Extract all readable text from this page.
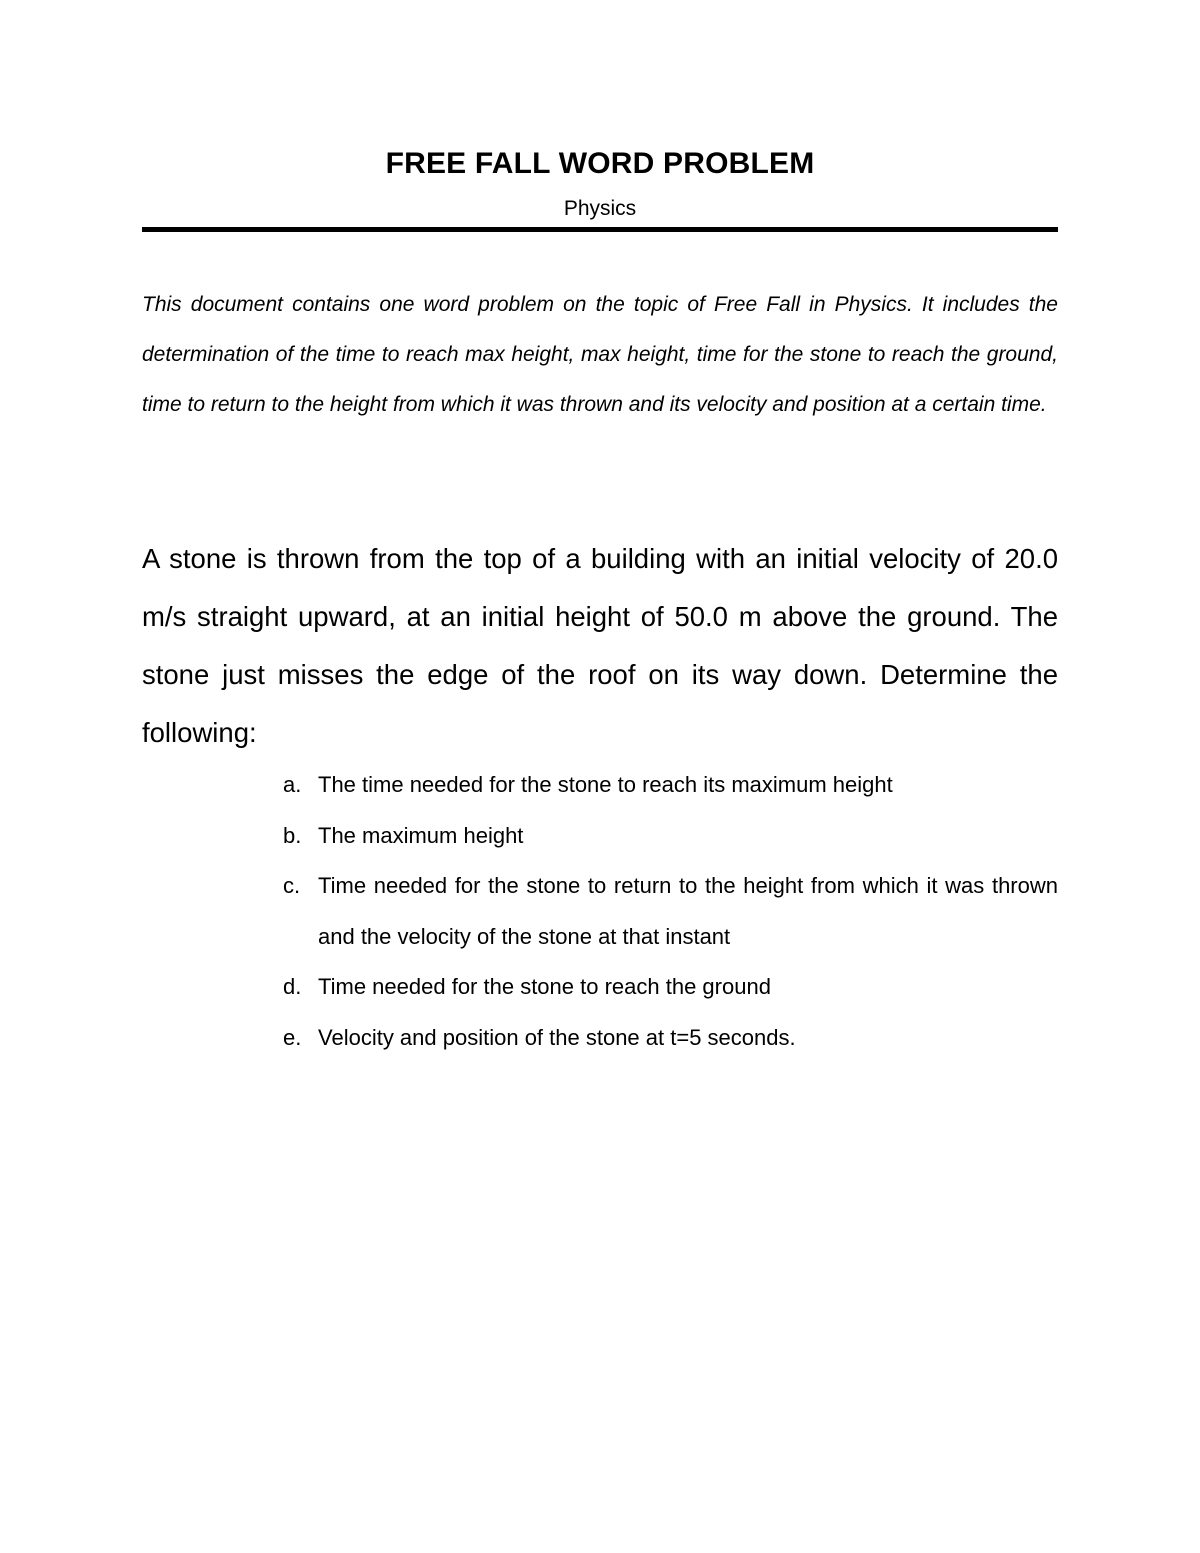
FREE FALL WORD PROBLEM
Physics

This document contains one word problem on the topic of Free Fall in Physics. It includes the determination of the time to reach max height, max height, time for the stone to reach the ground, time to return to the height from which it was thrown and its velocity and position at a certain time.

A stone is thrown from the top of a building with an initial velocity of 20.0 m/s straight upward, at an initial height of 50.0 m above the ground. The stone just misses the edge of the roof on its way down. Determine the following:

a. The time needed for the stone to reach its maximum height
b. The maximum height
c. Time needed for the stone to return to the height from which it was thrown and the velocity of the stone at that instant
d. Time needed for the stone to reach the ground
e. Velocity and position of the stone at t=5 seconds.
